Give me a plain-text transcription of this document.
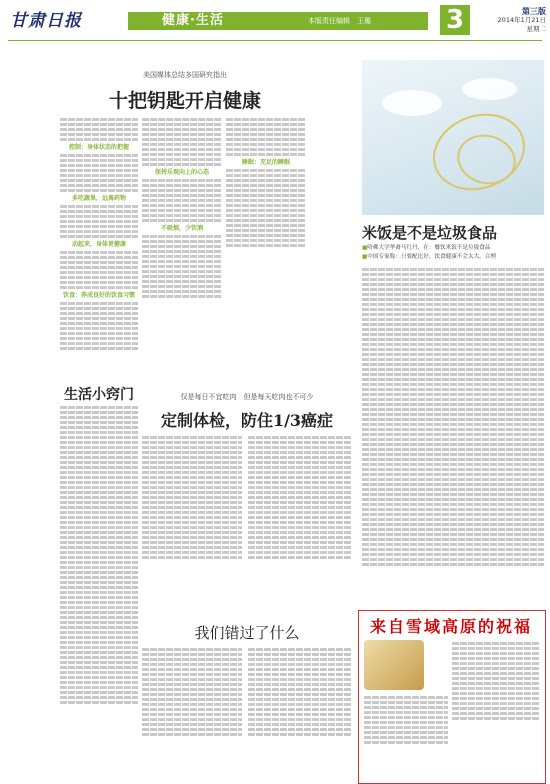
甘肃日报	健康·生活	本版责任编辑　王璐	3	第三版
2014年1月21日
星期二
美国媒体总结多国研究指出
十把钥匙开启健康
控制：身体状态的把握
多吃蔬果，远离药物
动起来，身体更健康
饮食：养成良好的饮食习惯
保持乐观向上的心态
不吸烟，少饮酒
睡眠：充足的睡眠
米饭是不是垃圾食品
■哈佛大学华裔马红丹，在：餐饮米饭不是垃圾食品
■中国专家称：只要配比好，饮食健康不会太大，合理
生活小窍门	仅是每日不宜吃肉　但是每天吃肉也不可少
定制体检，防住1/3癌症
我们错过了什么	来自雪域高原的祝福
